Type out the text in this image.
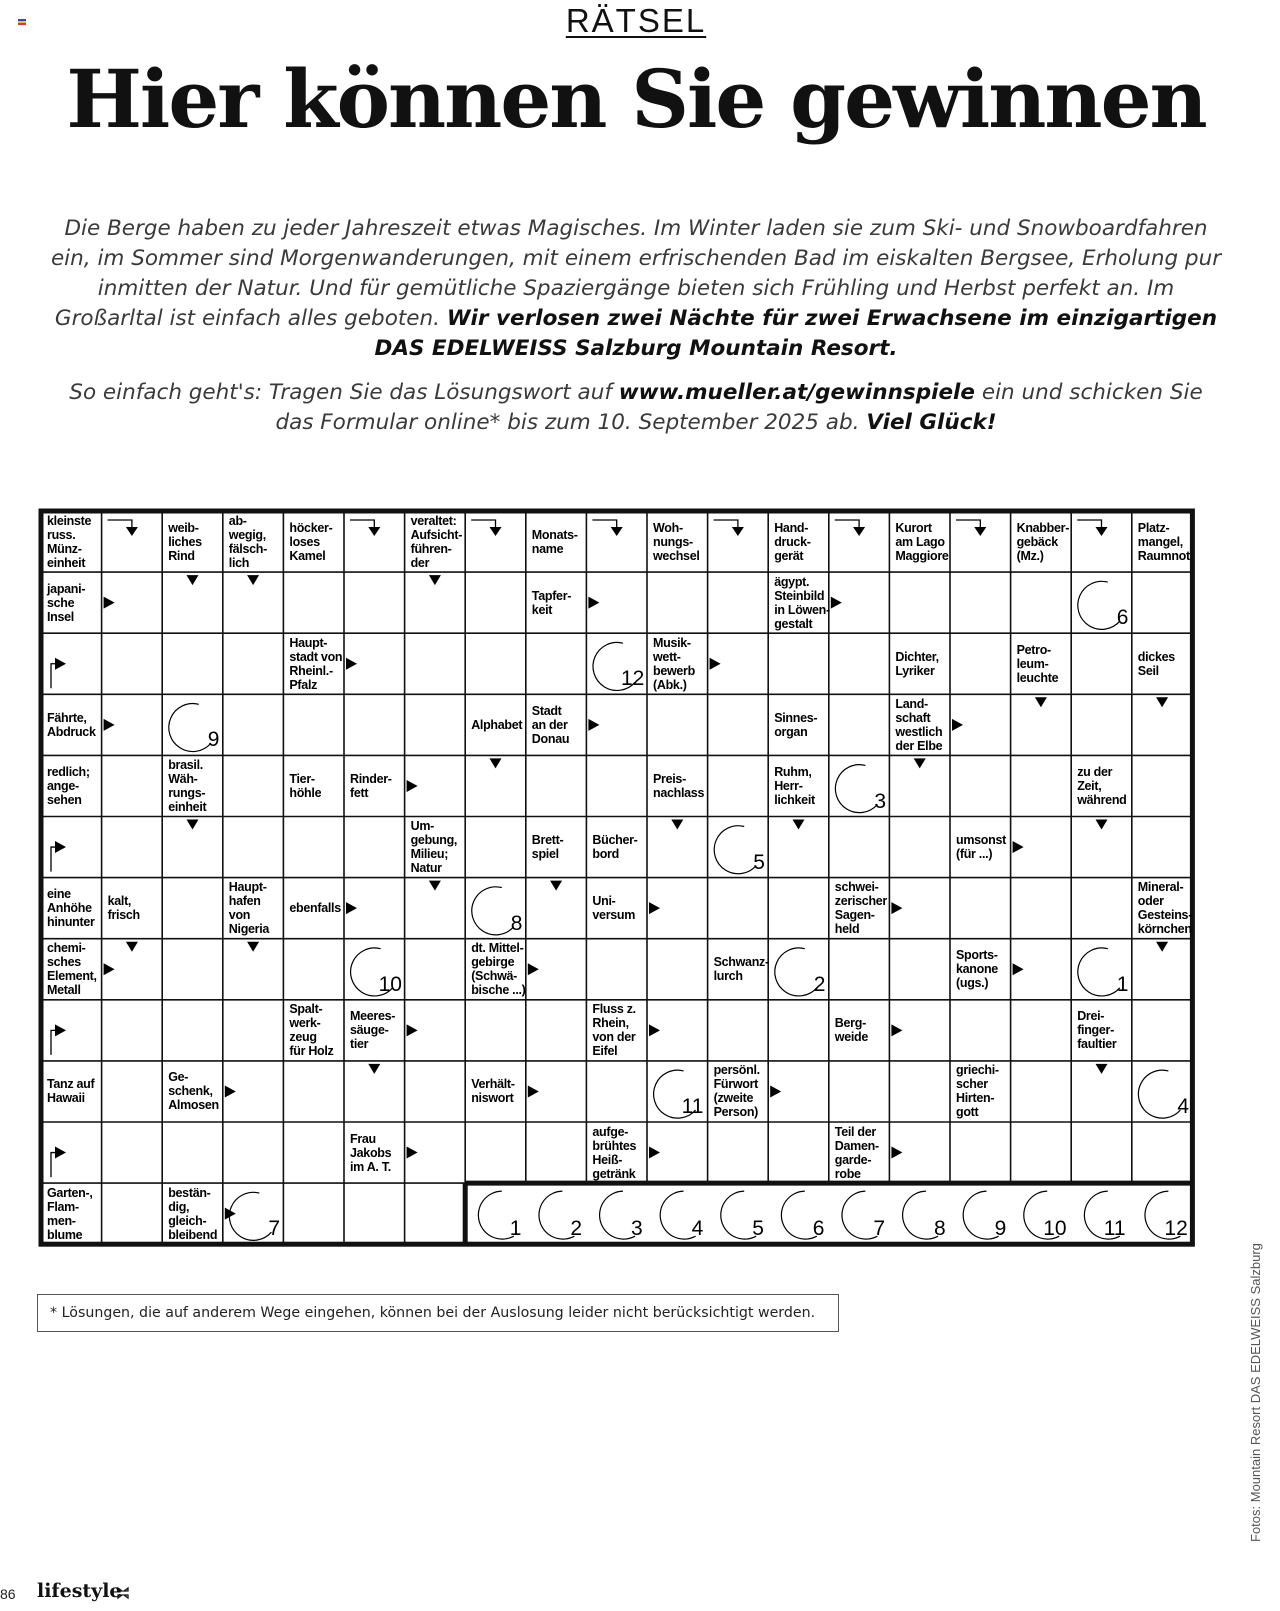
RÄTSEL
Hier können Sie gewinnen

Die Berge haben zu jeder Jahreszeit etwas Magisches. Im Winter laden sie zum Ski- und Snowboardfahren ein, im Sommer sind Morgenwanderungen, mit einem erfrischenden Bad im eiskalten Bergsee, Erholung pur inmitten der Natur. Und für gemütliche Spaziergänge bieten sich Frühling und Herbst perfekt an. Im Großarltal ist einfach alles geboten. Wir verlosen zwei Nächte für zwei Erwachsene im einzigartigen DAS EDELWEISS Salzburg Mountain Resort.

So einfach geht's: Tragen Sie das Lösungswort auf www.mueller.at/gewinnspiele ein und schicken Sie das Formular online* bis zum 10. September 2025 ab. Viel Glück!

kleinste
russ.
Münz-
einheit
weib-
liches
Rind
ab-
wegig,
fälsch-
lich
höcker-
loses
Kamel
veraltet:
Aufsicht-
führen-
der
Monats-
name
Woh-
nungs-
wechsel
Hand-
druck-
gerät
Kurort
am Lago
Maggiore
Knabber-
gebäck
(Mz.)
Platz-
mangel,
Raumnot
japani-
sche
Insel
Tapfer-
keit
ägypt.
Steinbild
in Löwen-
gestalt
Haupt-
stadt von
Rheinl.-
Pfalz
Musik-
wett-
bewerb
(Abk.)
Dichter,
Lyriker
Petro-
leum-
leuchte
dickes
Seil
Fährte,
Abdruck	Alphabet
Stadt
an der
Donau
Sinnes-
organ
Land-
schaft
westlich
der Elbe
redlich;
ange-
sehen
brasil.
Wäh-
rungs-
einheit
Tier-
höhle
Rinder-
fett
Preis-
nachlass
Ruhm,
Herr-
lichkeit
zu der
Zeit,
während
Um-
gebung,
Milieu;
Natur
Brett-
spiel
Bücher-
bord
umsonst
(für ...)
eine
Anhöhe
hinunter
kalt,
frisch
Haupt-
hafen
von
Nigeria
ebenfalls	Uni-
versum
schwei-
zerischer
Sagen-
held
Mineral-
oder
Gesteins-
körnchen
chemi-
sches
Element,
Metall
dt. Mittel-
gebirge
(Schwä-
bische ...)
Schwanz-
lurch
Sports-
kanone
(ugs.)
Spalt-
werk-
zeug
für Holz
Meeres-
säuge-
tier
Fluss z.
Rhein,
von der
Eifel
Berg-
weide
Drei-
finger-
faultier
Tanz auf
Hawaii
Ge-
schenk,
Almosen
Verhält-
niswort
persönl.
Fürwort
(zweite
Person)
griechi-
scher
Hirten-
gott
Frau
Jakobs
im A. T.
aufge-
brühtes
Heiß-
getränk
Teil der
Damen-
garde-
robe
Garten-,
Flam-
men-
blume
bestän-
dig,
gleich-
bleibend
6
12
9
3
5
8
10	2	1
11	4
7	1 2 3 4 5 6 7 8 9 10 11 12
* Lösungen, die auf anderem Wege eingehen, können bei der Auslosung leider nicht berücksichtigt werden.	Fotos: Mountain Resort DAS EDELWEISS Salzburg
86 lifestyle
